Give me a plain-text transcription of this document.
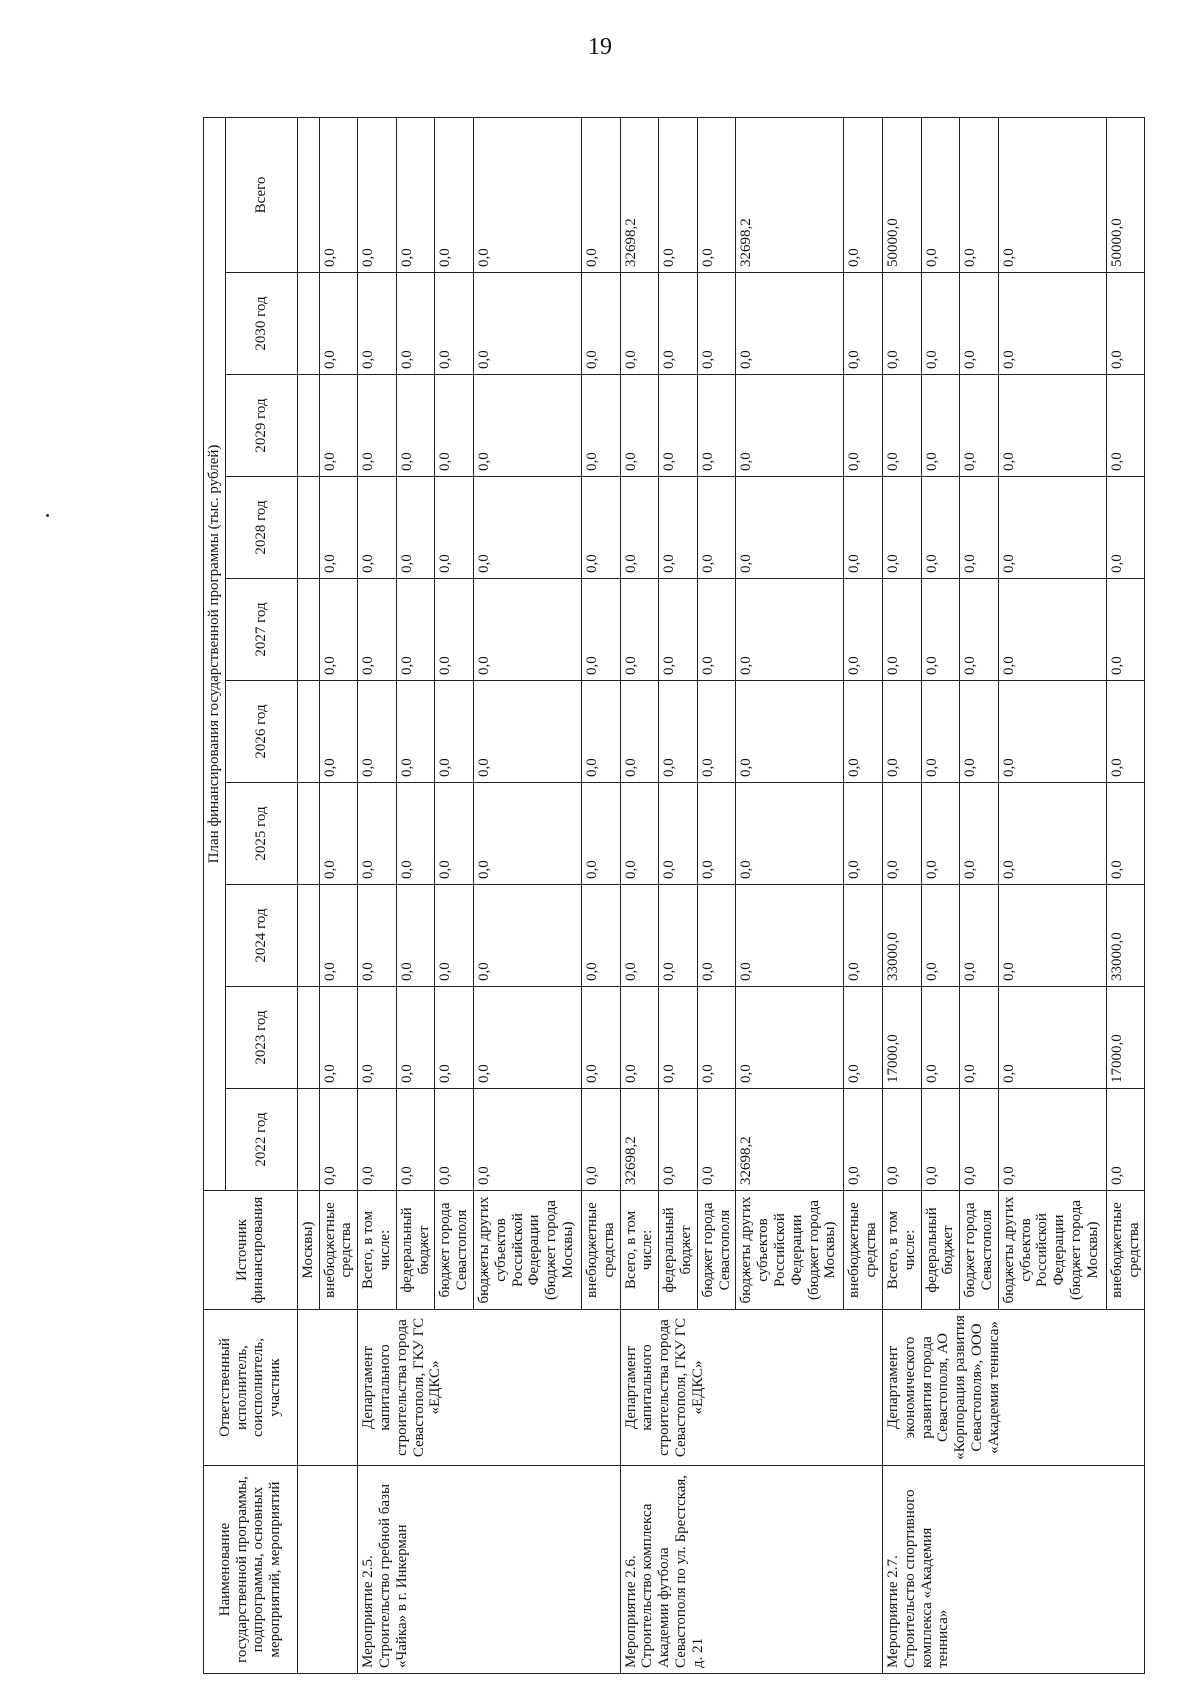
19
Наименование государственной программы, подпрограммы, основных мероприятий, мероприятий	Ответственный исполнитель, соисполнитель, участник	Источник финансирования	План финансирования государственной программы (тыс. рублей)									
			2022 год	2023 год	2024 год	2025 год	2026 год	2027 год	2028 год	2029 год	2030 год	Всего
		Москвы)										
		внебюджетные средства	0,0	0,0	0,0	0,0	0,0	0,0	0,0	0,0	0,0	0,0
Мероприятие 2.5. Строительство гребной базы «Чайка» в г. Инкерман	Департамент капитального строительства города Севастополя, ГКУ ГС «ЕДКС»	Всего, в том числе:	0,0	0,0	0,0	0,0	0,0	0,0	0,0	0,0	0,0	0,0
		федеральный бюджет	0,0	0,0	0,0	0,0	0,0	0,0	0,0	0,0	0,0	0,0
		бюджет города Севастополя	0,0	0,0	0,0	0,0	0,0	0,0	0,0	0,0	0,0	0,0
		бюджеты других субъектов Российской Федерации (бюджет города Москвы)	0,0	0,0	0,0	0,0	0,0	0,0	0,0	0,0	0,0	0,0
		внебюджетные средства	0,0	0,0	0,0	0,0	0,0	0,0	0,0	0,0	0,0	0,0
Мероприятие 2.6. Строительство комплекса Академии футбола Севастополя по ул. Брестская, д. 21	Департамент капитального строительства города Севастополя, ГКУ ГС «ЕДКС»	Всего, в том числе:	32698,2	0,0	0,0	0,0	0,0	0,0	0,0	0,0	0,0	32698,2
		федеральный бюджет	0,0	0,0	0,0	0,0	0,0	0,0	0,0	0,0	0,0	0,0
		бюджет города Севастополя	0,0	0,0	0,0	0,0	0,0	0,0	0,0	0,0	0,0	0,0
		бюджеты других субъектов Российской Федерации (бюджет города Москвы)	32698,2	0,0	0,0	0,0	0,0	0,0	0,0	0,0	0,0	32698,2
		внебюджетные средства	0,0	0,0	0,0	0,0	0,0	0,0	0,0	0,0	0,0	0,0
Мероприятие 2.7. Строительство спортивного комплекса «Академия тенниса»	Департамент экономического развития города Севастополя, АО «Корпорация развития Севастополя», ООО «Академия тенниса»	Всего, в том числе:	0,0	17000,0	33000,0	0,0	0,0	0,0	0,0	0,0	0,0	50000,0
		федеральный бюджет	0,0	0,0	0,0	0,0	0,0	0,0	0,0	0,0	0,0	0,0
		бюджет города Севастополя	0,0	0,0	0,0	0,0	0,0	0,0	0,0	0,0	0,0	0,0
		бюджеты других субъектов Российской Федерации (бюджет города Москвы)	0,0	0,0	0,0	0,0	0,0	0,0	0,0	0,0	0,0	0,0
		внебюджетные средства	0,0	17000,0	33000,0	0,0	0,0	0,0	0,0	0,0	0,0	50000,0
